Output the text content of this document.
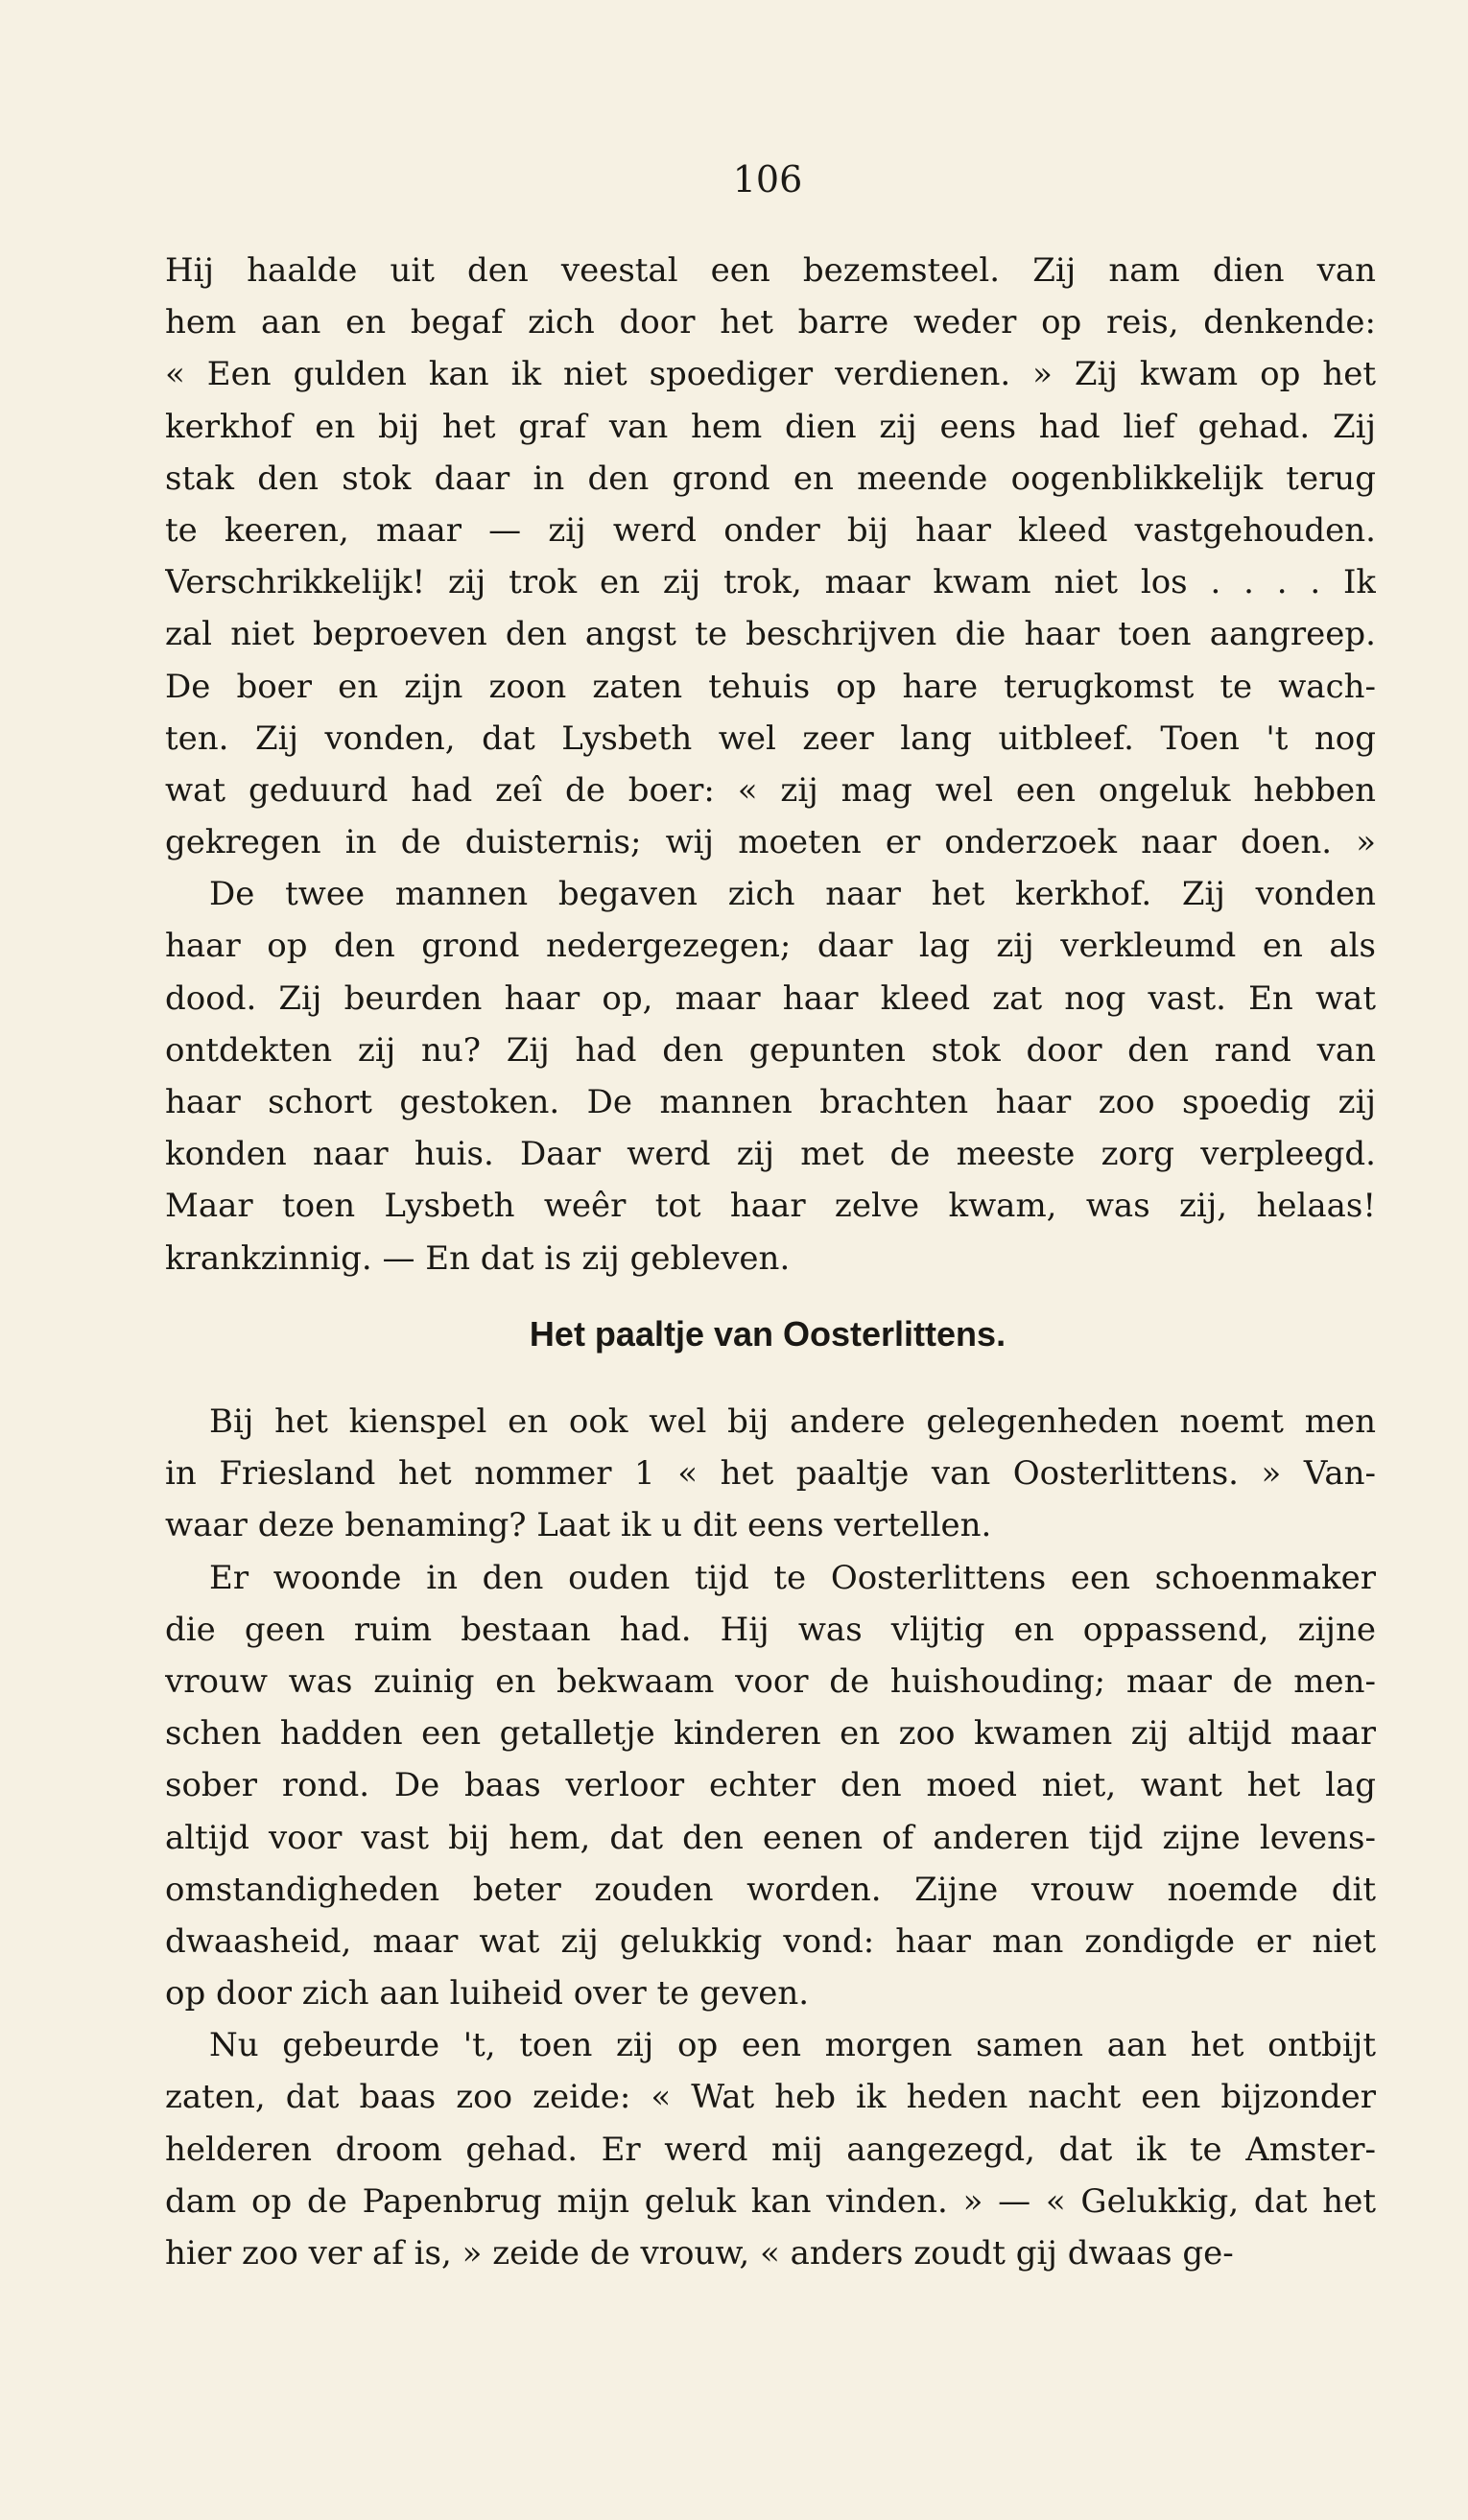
106
Hij haalde uit den veestal een bezemsteel. Zij nam dien van
hem aan en begaf zich door het barre weder op reis, denkende:
« Een gulden kan ik niet spoediger verdienen. » Zij kwam op het
kerkhof en bij het graf van hem dien zij eens had lief gehad. Zij
stak den stok daar in den grond en meende oogenblikkelijk terug
te keeren, maar — zij werd onder bij haar kleed vastgehouden.
Verschrikkelijk! zij trok en zij trok, maar kwam niet los . . . . Ik
zal niet beproeven den angst te beschrijven die haar toen aangreep.
De boer en zijn zoon zaten tehuis op hare terugkomst te wach-
ten. Zij vonden, dat Lysbeth wel zeer lang uitbleef. Toen 't nog
wat geduurd had zeî de boer: « zij mag wel een ongeluk hebben
gekregen in de duisternis; wij moeten er onderzoek naar doen. »
De twee mannen begaven zich naar het kerkhof. Zij vonden
haar op den grond nedergezegen; daar lag zij verkleumd en als
dood. Zij beurden haar op, maar haar kleed zat nog vast. En wat
ontdekten zij nu? Zij had den gepunten stok door den rand van
haar schort gestoken. De mannen brachten haar zoo spoedig zij
konden naar huis. Daar werd zij met de meeste zorg verpleegd.
Maar toen Lysbeth weêr tot haar zelve kwam, was zij, helaas!
krankzinnig. — En dat is zij gebleven.
Het paaltje van Oosterlittens.
Bij het kienspel en ook wel bij andere gelegenheden noemt men
in Friesland het nommer 1 « het paaltje van Oosterlittens. » Van-
waar deze benaming? Laat ik u dit eens vertellen.
Er woonde in den ouden tijd te Oosterlittens een schoenmaker
die geen ruim bestaan had. Hij was vlijtig en oppassend, zijne
vrouw was zuinig en bekwaam voor de huishouding; maar de men-
schen hadden een getalletje kinderen en zoo kwamen zij altijd maar
sober rond. De baas verloor echter den moed niet, want het lag
altijd voor vast bij hem, dat den eenen of anderen tijd zijne levens-
omstandigheden beter zouden worden. Zijne vrouw noemde dit
dwaasheid, maar wat zij gelukkig vond: haar man zondigde er niet
op door zich aan luiheid over te geven.
Nu gebeurde 't, toen zij op een morgen samen aan het ontbijt
zaten, dat baas zoo zeide: « Wat heb ik heden nacht een bijzonder
helderen droom gehad. Er werd mij aangezegd, dat ik te Amster-
dam op de Papenbrug mijn geluk kan vinden. » — « Gelukkig, dat het
hier zoo ver af is, » zeide de vrouw, « anders zoudt gij dwaas ge-
